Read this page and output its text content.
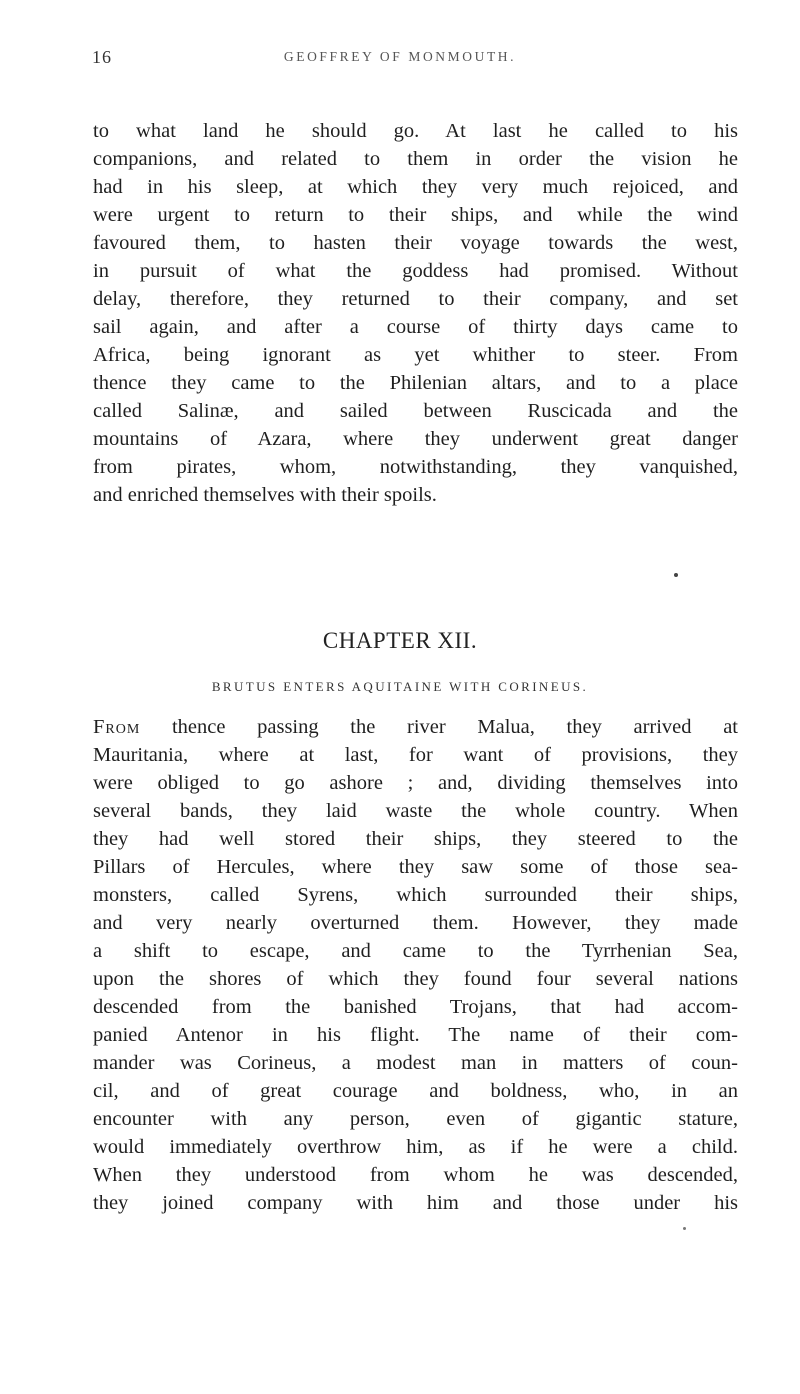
16	GEOFFREY OF MONMOUTH.
to what land he should go. At last he called to his
companions, and related to them in order the vision he
had in his sleep, at which they very much rejoiced, and
were urgent to return to their ships, and while the wind
favoured them, to hasten their voyage towards the west,
in pursuit of what the goddess had promised. Without
delay, therefore, they returned to their company, and set
sail again, and after a course of thirty days came to
Africa, being ignorant as yet whither to steer. From
thence they came to the Philenian altars, and to a place
called Salinæ, and sailed between Ruscicada and the
mountains of Azara, where they underwent great danger
from pirates, whom, notwithstanding, they vanquished,
and enriched themselves with their spoils.
CHAPTER XII.
BRUTUS ENTERS AQUITAINE WITH CORINEUS.
From thence passing the river Malua, they arrived at
Mauritania, where at last, for want of provisions, they
were obliged to go ashore ; and, dividing themselves into
several bands, they laid waste the whole country. When
they had well stored their ships, they steered to the
Pillars of Hercules, where they saw some of those sea-
monsters, called Syrens, which surrounded their ships,
and very nearly overturned them. However, they made
a shift to escape, and came to the Tyrrhenian Sea,
upon the shores of which they found four several nations
descended from the banished Trojans, that had accom-
panied Antenor in his flight. The name of their com-
mander was Corineus, a modest man in matters of coun-
cil, and of great courage and boldness, who, in an
encounter with any person, even of gigantic stature,
would immediately overthrow him, as if he were a child.
When they understood from whom he was descended,
they joined company with him and those under his
